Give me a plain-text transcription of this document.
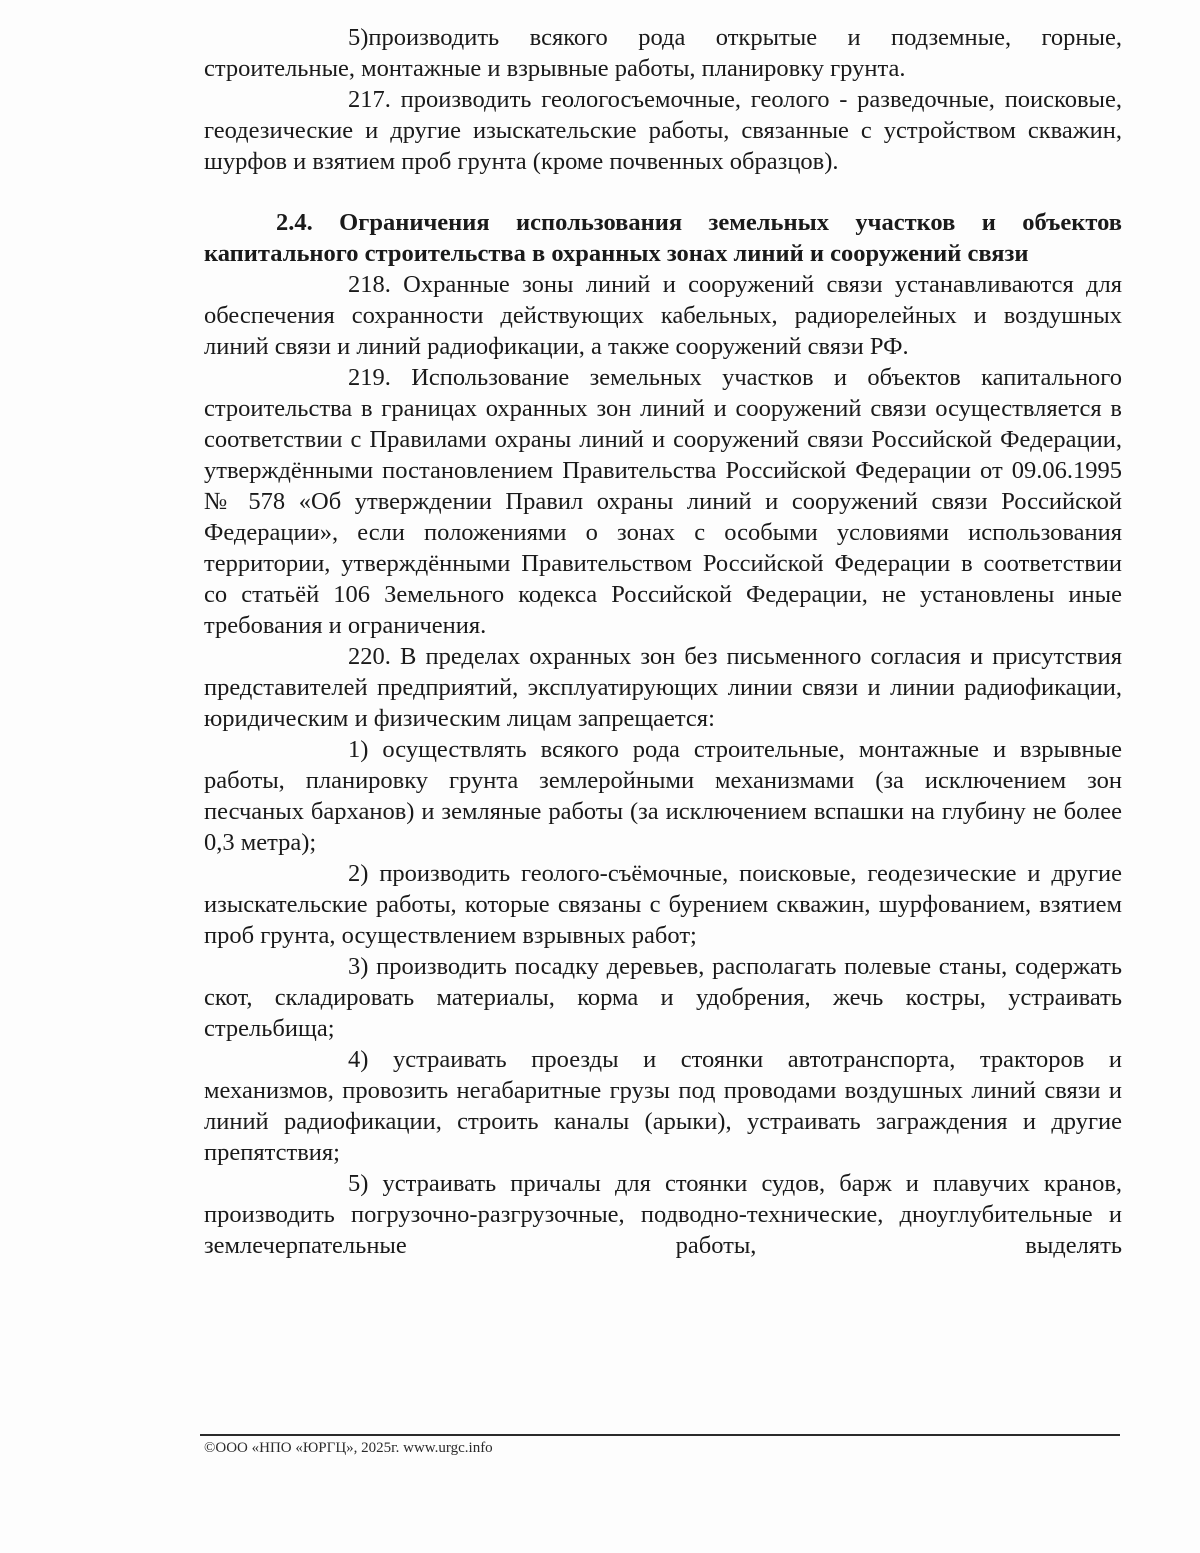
5)производить всякого рода открытые и подземные, горные, строительные, монтажные и взрывные работы, планировку грунта.

217. производить геологосъемочные, геолого - разведочные, поисковые, геодезические и другие изыскательские работы, связанные с устройством скважин, шурфов и взятием проб грунта (кроме почвенных образцов).

2.4. Ограничения использования земельных участков и объектов капитального строительства в охранных зонах линий и сооружений связи

218. Охранные зоны линий и сооружений связи устанавливаются для обеспечения сохранности действующих кабельных, радиорелейных и воздушных линий связи и линий радиофикации, а также сооружений связи РФ.

219. Использование земельных участков и объектов капитального строительства в границах охранных зон линий и сооружений связи осуществляется в соответствии с Правилами охраны линий и сооружений связи Российской Федерации, утверждёнными постановлением Правительства Российской Федерации от 09.06.1995 № 578 «Об утверждении Правил охраны линий и сооружений связи Российской Федерации», если положениями о зонах с особыми условиями использования территории, утверждёнными Правительством Российской Федерации в соответствии со статьёй 106 Земельного кодекса Российской Федерации, не установлены иные требования и ограничения.

220. В пределах охранных зон без письменного согласия и присутствия представителей предприятий, эксплуатирующих линии связи и линии радиофикации, юридическим и физическим лицам запрещается:

1) осуществлять всякого рода строительные, монтажные и взрывные работы, планировку грунта землеройными механизмами (за исключением зон песчаных барханов) и земляные работы (за исключением вспашки на глубину не более 0,3 метра);

2) производить геолого-съёмочные, поисковые, геодезические и другие изыскательские работы, которые связаны с бурением скважин, шурфованием, взятием проб грунта, осуществлением взрывных работ;

3) производить посадку деревьев, располагать полевые станы, содержать скот, складировать материалы, корма и удобрения, жечь костры, устраивать стрельбища;

4) устраивать проезды и стоянки автотранспорта, тракторов и механизмов, провозить негабаритные грузы под проводами воздушных линий связи и линий радиофикации, строить каналы (арыки), устраивать заграждения и другие препятствия;

5) устраивать причалы для стоянки судов, барж и плавучих кранов, производить погрузочно-разгрузочные, подводно-технические, дноуглубительные и землечерпательные работы, выделять

©ООО «НПО «ЮРГЦ», 2025г. www.urgc.info
